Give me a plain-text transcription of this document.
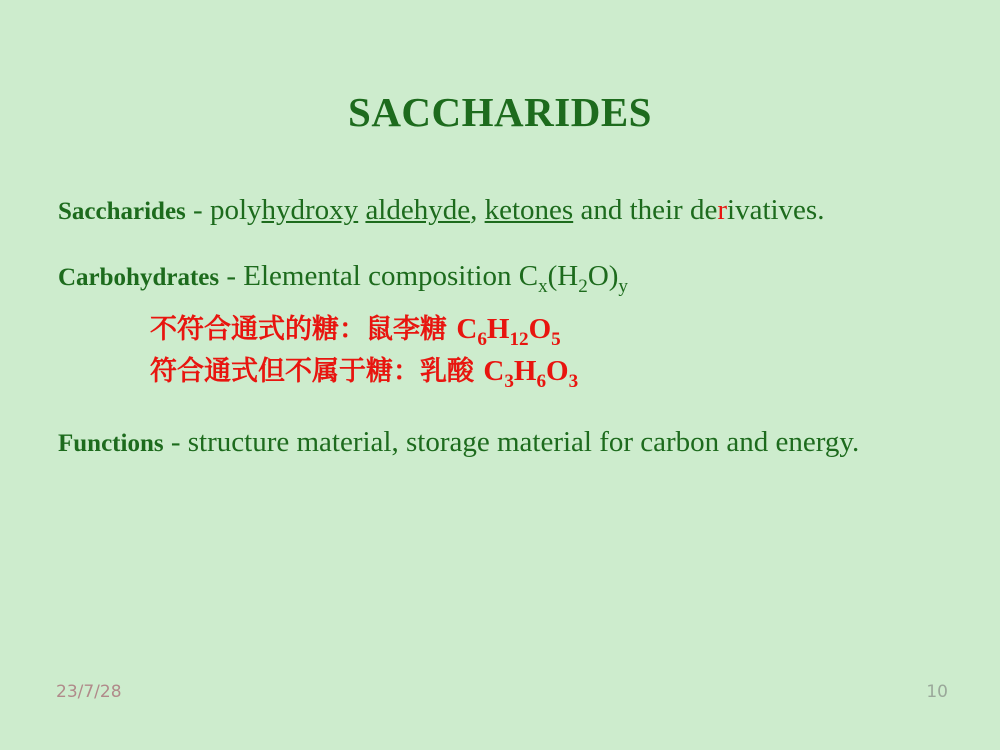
SACCHARIDES
Saccharides - polyhydroxy aldehyde, ketones and their derivatives.
Carbohydrates - Elemental composition $C_x(H_2O)_y$
不符合通式的糖：鼠李糖 $C_6H_{12}O_5$
符合通式但不属于糖：乳酸 $C_3H_6O_3$
Functions - structure material, storage material for carbon and energy.
23/7/28	10
